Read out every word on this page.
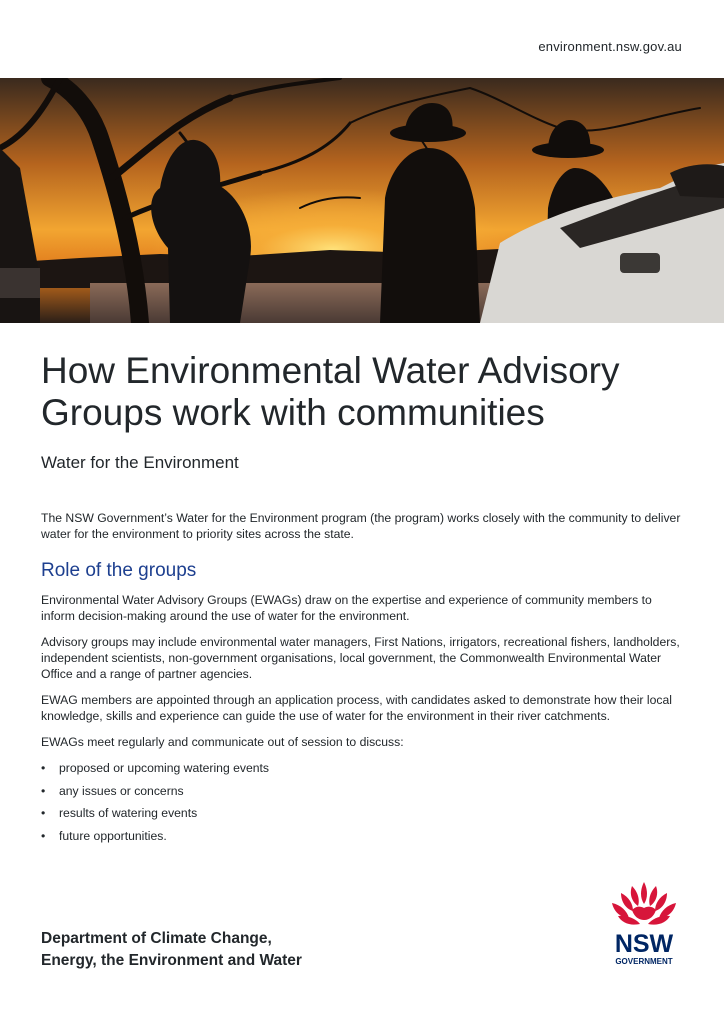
environment.nsw.gov.au
How Environmental Water Advisory Groups work with communities
Water for the Environment

The NSW Government’s Water for the Environment program (the program) works closely with the community to deliver water for the environment to priority sites across the state.

Role of the groups

Environmental Water Advisory Groups (EWAGs) draw on the expertise and experience of community members to inform decision-making around the use of water for the environment.

Advisory groups may include environmental water managers, First Nations, irrigators, recreational fishers, landholders, independent scientists, non-government organisations, local government, the Commonwealth Environmental Water Office and a range of partner agencies.

EWAG members are appointed through an application process, with candidates asked to demonstrate how their local knowledge, skills and experience can guide the use of water for the environment in their river catchments.

EWAGs meet regularly and communicate out of session to discuss:

• proposed or upcoming watering events
• any issues or concerns
• results of watering events
• future opportunities.
Department of Climate Change,
Energy, the Environment and Water
NSW
GOVERNMENT
